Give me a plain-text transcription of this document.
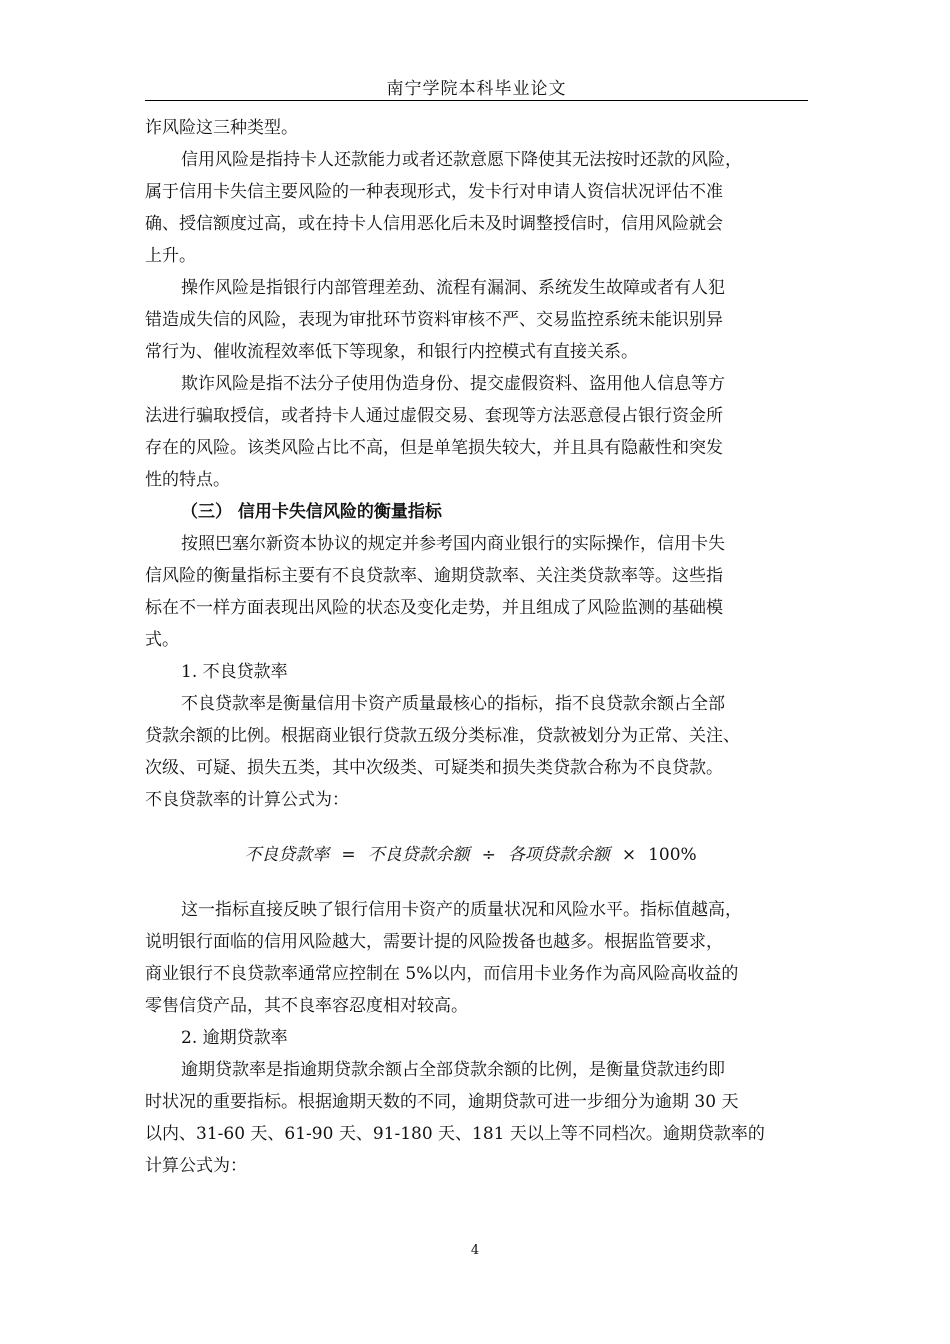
南宁学院本科毕业论文
诈风险这三种类型。
信用风险是指持卡人还款能力或者还款意愿下降使其无法按时还款的风险，
属于信用卡失信主要风险的一种表现形式，发卡行对申请人资信状况评估不准
确、授信额度过高，或在持卡人信用恶化后未及时调整授信时，信用风险就会
上升。
操作风险是指银行内部管理差劲、流程有漏洞、系统发生故障或者有人犯
错造成失信的风险，表现为审批环节资料审核不严、交易监控系统未能识别异
常行为、催收流程效率低下等现象，和银行内控模式有直接关系。
欺诈风险是指不法分子使用伪造身份、提交虚假资料、盗用他人信息等方
法进行骗取授信，或者持卡人通过虚假交易、套现等方法恶意侵占银行资金所
存在的风险。该类风险占比不高，但是单笔损失较大，并且具有隐蔽性和突发
性的特点。
（三） 信用卡失信风险的衡量指标
按照巴塞尔新资本协议的规定并参考国内商业银行的实际操作，信用卡失
信风险的衡量指标主要有不良贷款率、逾期贷款率、关注类贷款率等。这些指
标在不一样方面表现出风险的状态及变化走势，并且组成了风险监测的基础模
式。
1. 不良贷款率
不良贷款率是衡量信用卡资产质量最核心的指标，指不良贷款余额占全部
贷款余额的比例。根据商业银行贷款五级分类标准，贷款被划分为正常、关注、
次级、可疑、损失五类，其中次级类、可疑类和损失类贷款合称为不良贷款。
不良贷款率的计算公式为：
不良贷款率 = 不良贷款余额 ÷ 各项贷款余额 × 100%
这一指标直接反映了银行信用卡资产的质量状况和风险水平。指标值越高，
说明银行面临的信用风险越大，需要计提的风险拨备也越多。根据监管要求，
商业银行不良贷款率通常应控制在 5%以内，而信用卡业务作为高风险高收益的
零售信贷产品，其不良率容忍度相对较高。
2. 逾期贷款率
逾期贷款率是指逾期贷款余额占全部贷款余额的比例，是衡量贷款违约即
时状况的重要指标。根据逾期天数的不同，逾期贷款可进一步细分为逾期 30 天
以内、31-60 天、61-90 天、91-180 天、181 天以上等不同档次。逾期贷款率的
计算公式为：
4
